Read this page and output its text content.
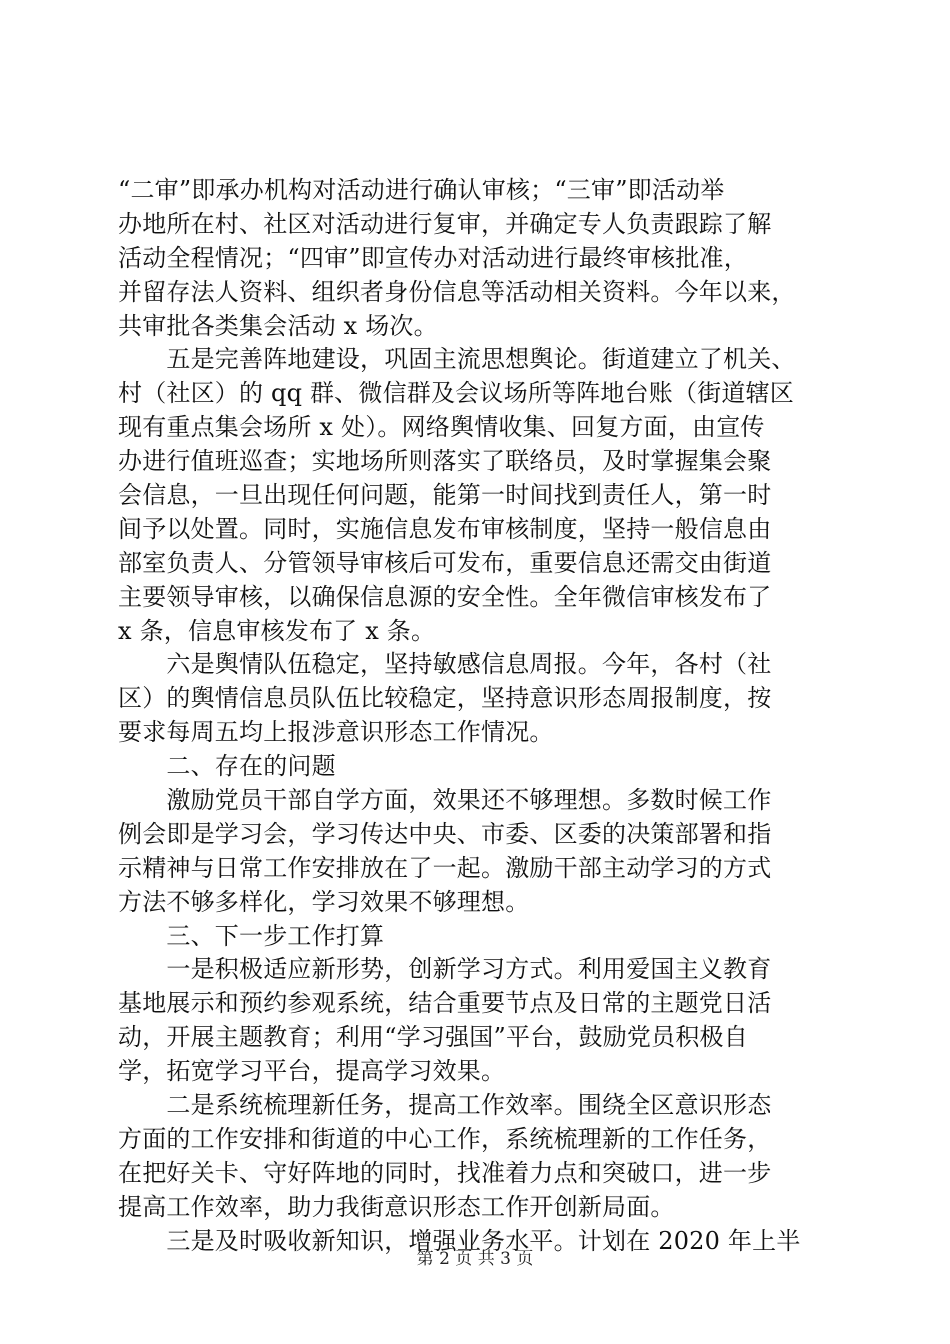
“二审”即承办机构对活动进行确认审核；“三审”即活动举
办地所在村、社区对活动进行复审，并确定专人负责跟踪了解
活动全程情况；“四审”即宣传办对活动进行最终审核批准，
并留存法人资料、组织者身份信息等活动相关资料。今年以来，
共审批各类集会活动 x 场次。
　　五是完善阵地建设，巩固主流思想舆论。街道建立了机关、
村（社区）的 qq 群、微信群及会议场所等阵地台账（街道辖区
现有重点集会场所 x 处）。网络舆情收集、回复方面，由宣传
办进行值班巡查；实地场所则落实了联络员，及时掌握集会聚
会信息，一旦出现任何问题，能第一时间找到责任人，第一时
间予以处置。同时，实施信息发布审核制度，坚持一般信息由
部室负责人、分管领导审核后可发布，重要信息还需交由街道
主要领导审核，以确保信息源的安全性。全年微信审核发布了
x 条，信息审核发布了 x 条。
　　六是舆情队伍稳定，坚持敏感信息周报。今年，各村（社
区）的舆情信息员队伍比较稳定，坚持意识形态周报制度，按
要求每周五均上报涉意识形态工作情况。
　　二、存在的问题
　　激励党员干部自学方面，效果还不够理想。多数时候工作
例会即是学习会，学习传达中央、市委、区委的决策部署和指
示精神与日常工作安排放在了一起。激励干部主动学习的方式
方法不够多样化，学习效果不够理想。
　　三、下一步工作打算
　　一是积极适应新形势，创新学习方式。利用爱国主义教育
基地展示和预约参观系统，结合重要节点及日常的主题党日活
动，开展主题教育；利用“学习强国”平台，鼓励党员积极自
学，拓宽学习平台，提高学习效果。
　　二是系统梳理新任务，提高工作效率。围绕全区意识形态
方面的工作安排和街道的中心工作，系统梳理新的工作任务，
在把好关卡、守好阵地的同时，找准着力点和突破口，进一步
提高工作效率，助力我街意识形态工作开创新局面。
　　三是及时吸收新知识，增强业务水平。计划在 2020 年上半
第 2 页 共 3 页
